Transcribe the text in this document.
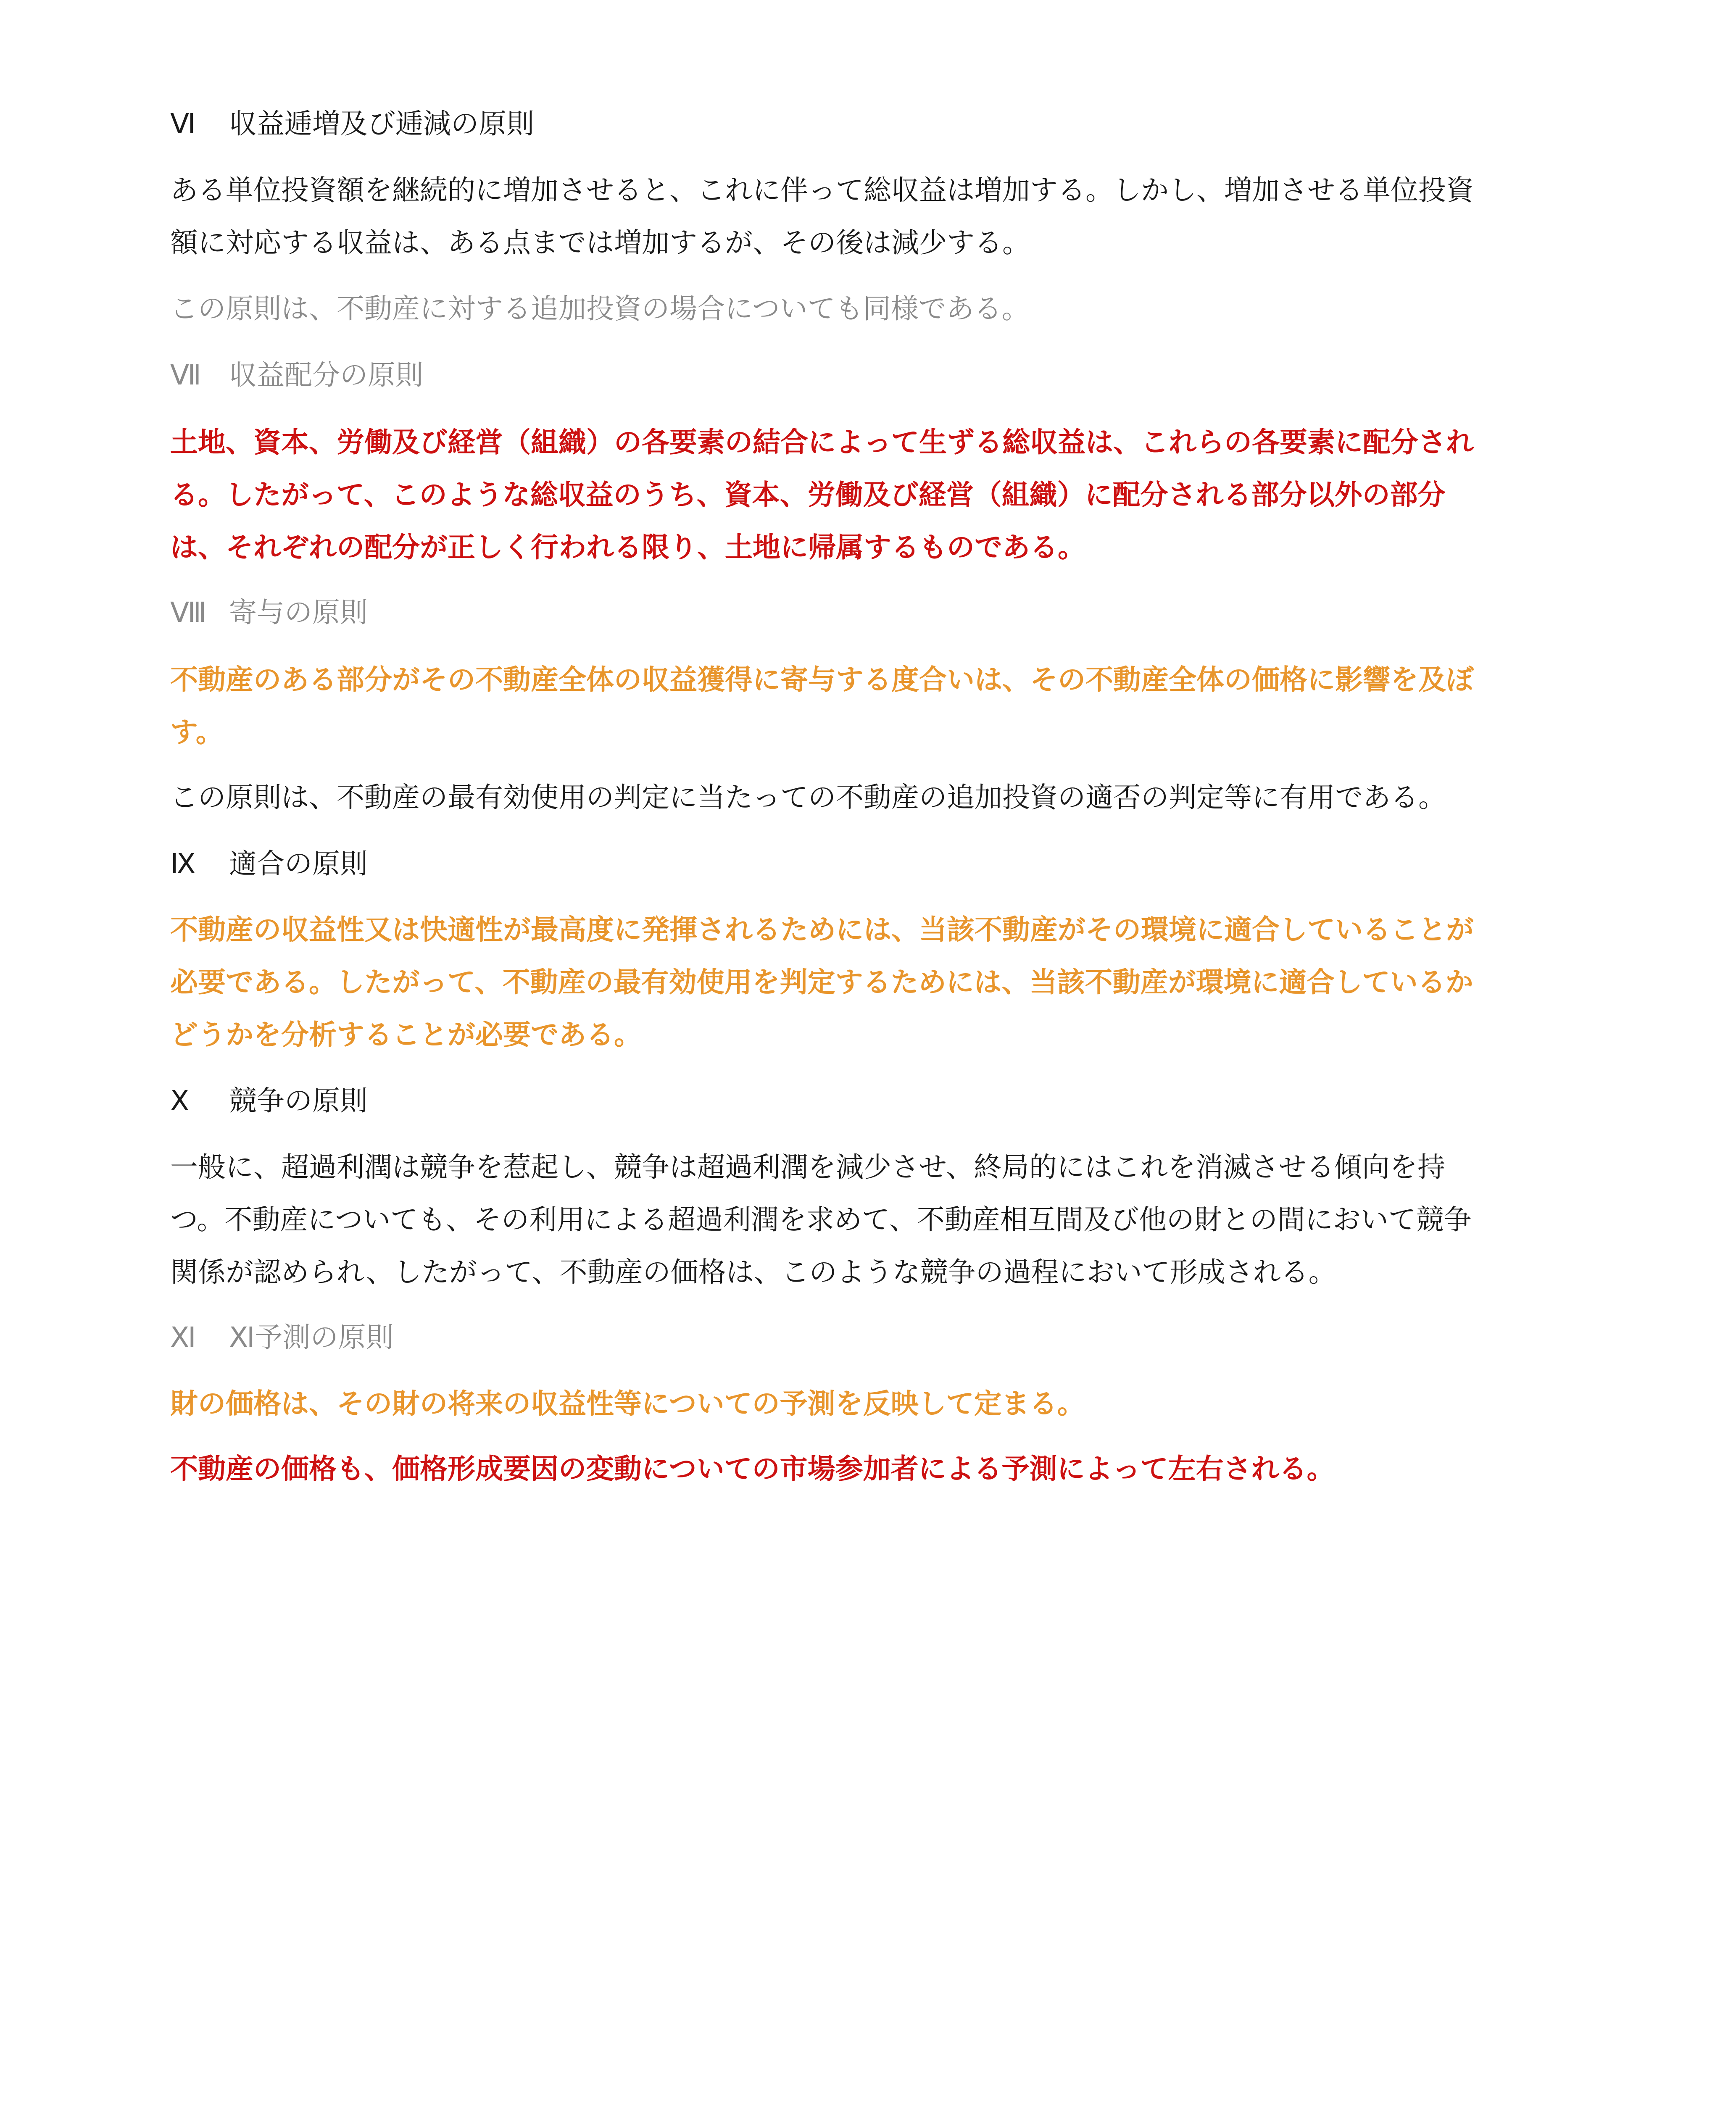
Ⅵ 収益逓増及び逓減の原則
ある単位投資額を継続的に増加させると、これに伴って総収益は増加する。しかし、増加させる単位投資
額に対応する収益は、ある点までは増加するが、その後は減少する。
この原則は、不動産に対する追加投資の場合についても同様である。
Ⅶ 収益配分の原則
土地、資本、労働及び経営（組織）の各要素の結合によって生ずる総収益は、これらの各要素に配分され
る。したがって、このような総収益のうち、資本、労働及び経営（組織）に配分される部分以外の部分
は、それぞれの配分が正しく行われる限り、土地に帰属するものである。
Ⅷ 寄与の原則
不動産のある部分がその不動産全体の収益獲得に寄与する度合いは、その不動産全体の価格に影響を及ぼ
す。
この原則は、不動産の最有効使用の判定に当たっての不動産の追加投資の適否の判定等に有用である。
Ⅸ 適合の原則
不動産の収益性又は快適性が最高度に発揮されるためには、当該不動産がその環境に適合していることが
必要である。したがって、不動産の最有効使用を判定するためには、当該不動産が環境に適合しているか
どうかを分析することが必要である。
Ⅹ 競争の原則
一般に、超過利潤は競争を惹起し、競争は超過利潤を減少させ、終局的にはこれを消滅させる傾向を持
つ。不動産についても、その利用による超過利潤を求めて、不動産相互間及び他の財との間において競争
関係が認められ、したがって、不動産の価格は、このような競争の過程において形成される。
Ⅺ Ⅺ予測の原則
財の価格は、その財の将来の収益性等についての予測を反映して定まる。
不動産の価格も、価格形成要因の変動についての市場参加者による予測によって左右される。
